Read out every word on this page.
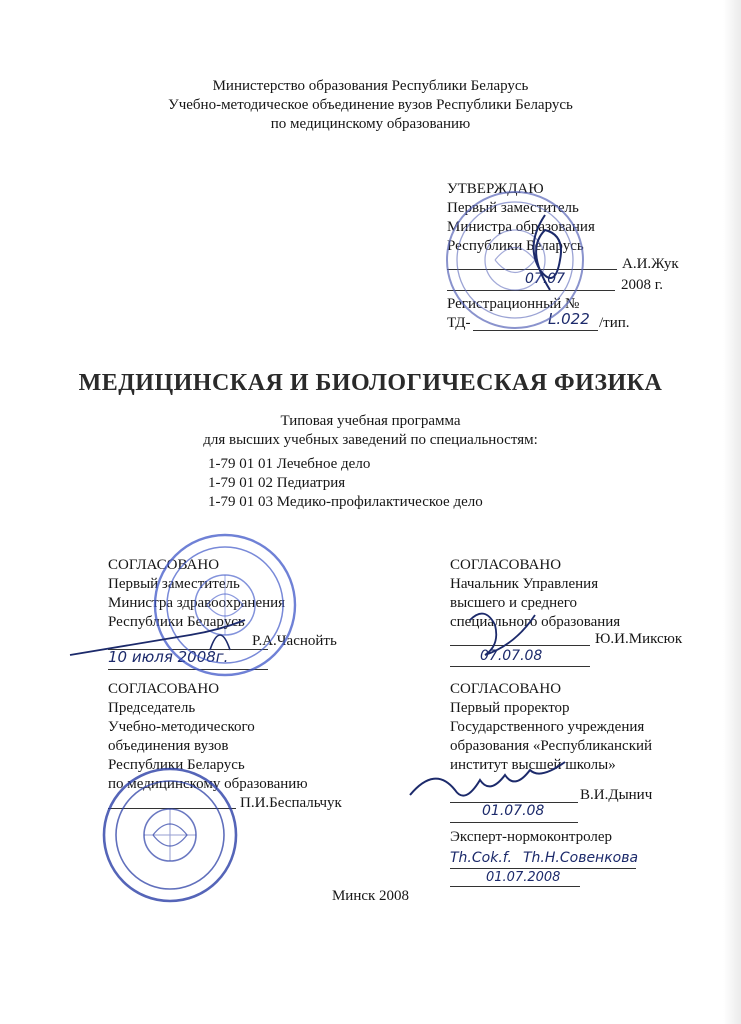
Министерство образования Республики Беларусь
Учебно-методическое объединение вузов Республики Беларусь
по медицинскому образованию
УТВЕРЖДАЮ
Первый заместитель
Министра образования
Республики Беларусь
А.И.Жук
07.07	2008 г.
Регистрационный №
ТД-	L.022 /тип.
МЕДИЦИНСКАЯ И БИОЛОГИЧЕСКАЯ ФИЗИКА
Типовая учебная программа
для высших учебных заведений по специальностям:
1-79 01 01 Лечебное дело
1-79 01 02 Педиатрия
1-79 01 03 Медико-профилактическое дело
СОГЛАСОВАНО
Первый заместитель
Министра здравоохранения
Республики Беларусь
Р.А.Часнойть
10 июля 2008г.
СОГЛАСОВАНО
Начальник Управления
высшего и среднего
специального образования
Ю.И.Миксюк
07.07.08
СОГЛАСОВАНО
Председатель
Учебно-методического
объединения вузов
Республики Беларусь
по медицинскому образованию
П.И.Беспальчук
СОГЛАСОВАНО
Первый проректор
Государственного учреждения
образования «Республиканский
институт высшей школы»
В.И.Дынич
01.07.08
Эксперт-нормоконтролер
Th.Cok.f. Th.H.Совенкова
01.07.2008
Минск 2008
